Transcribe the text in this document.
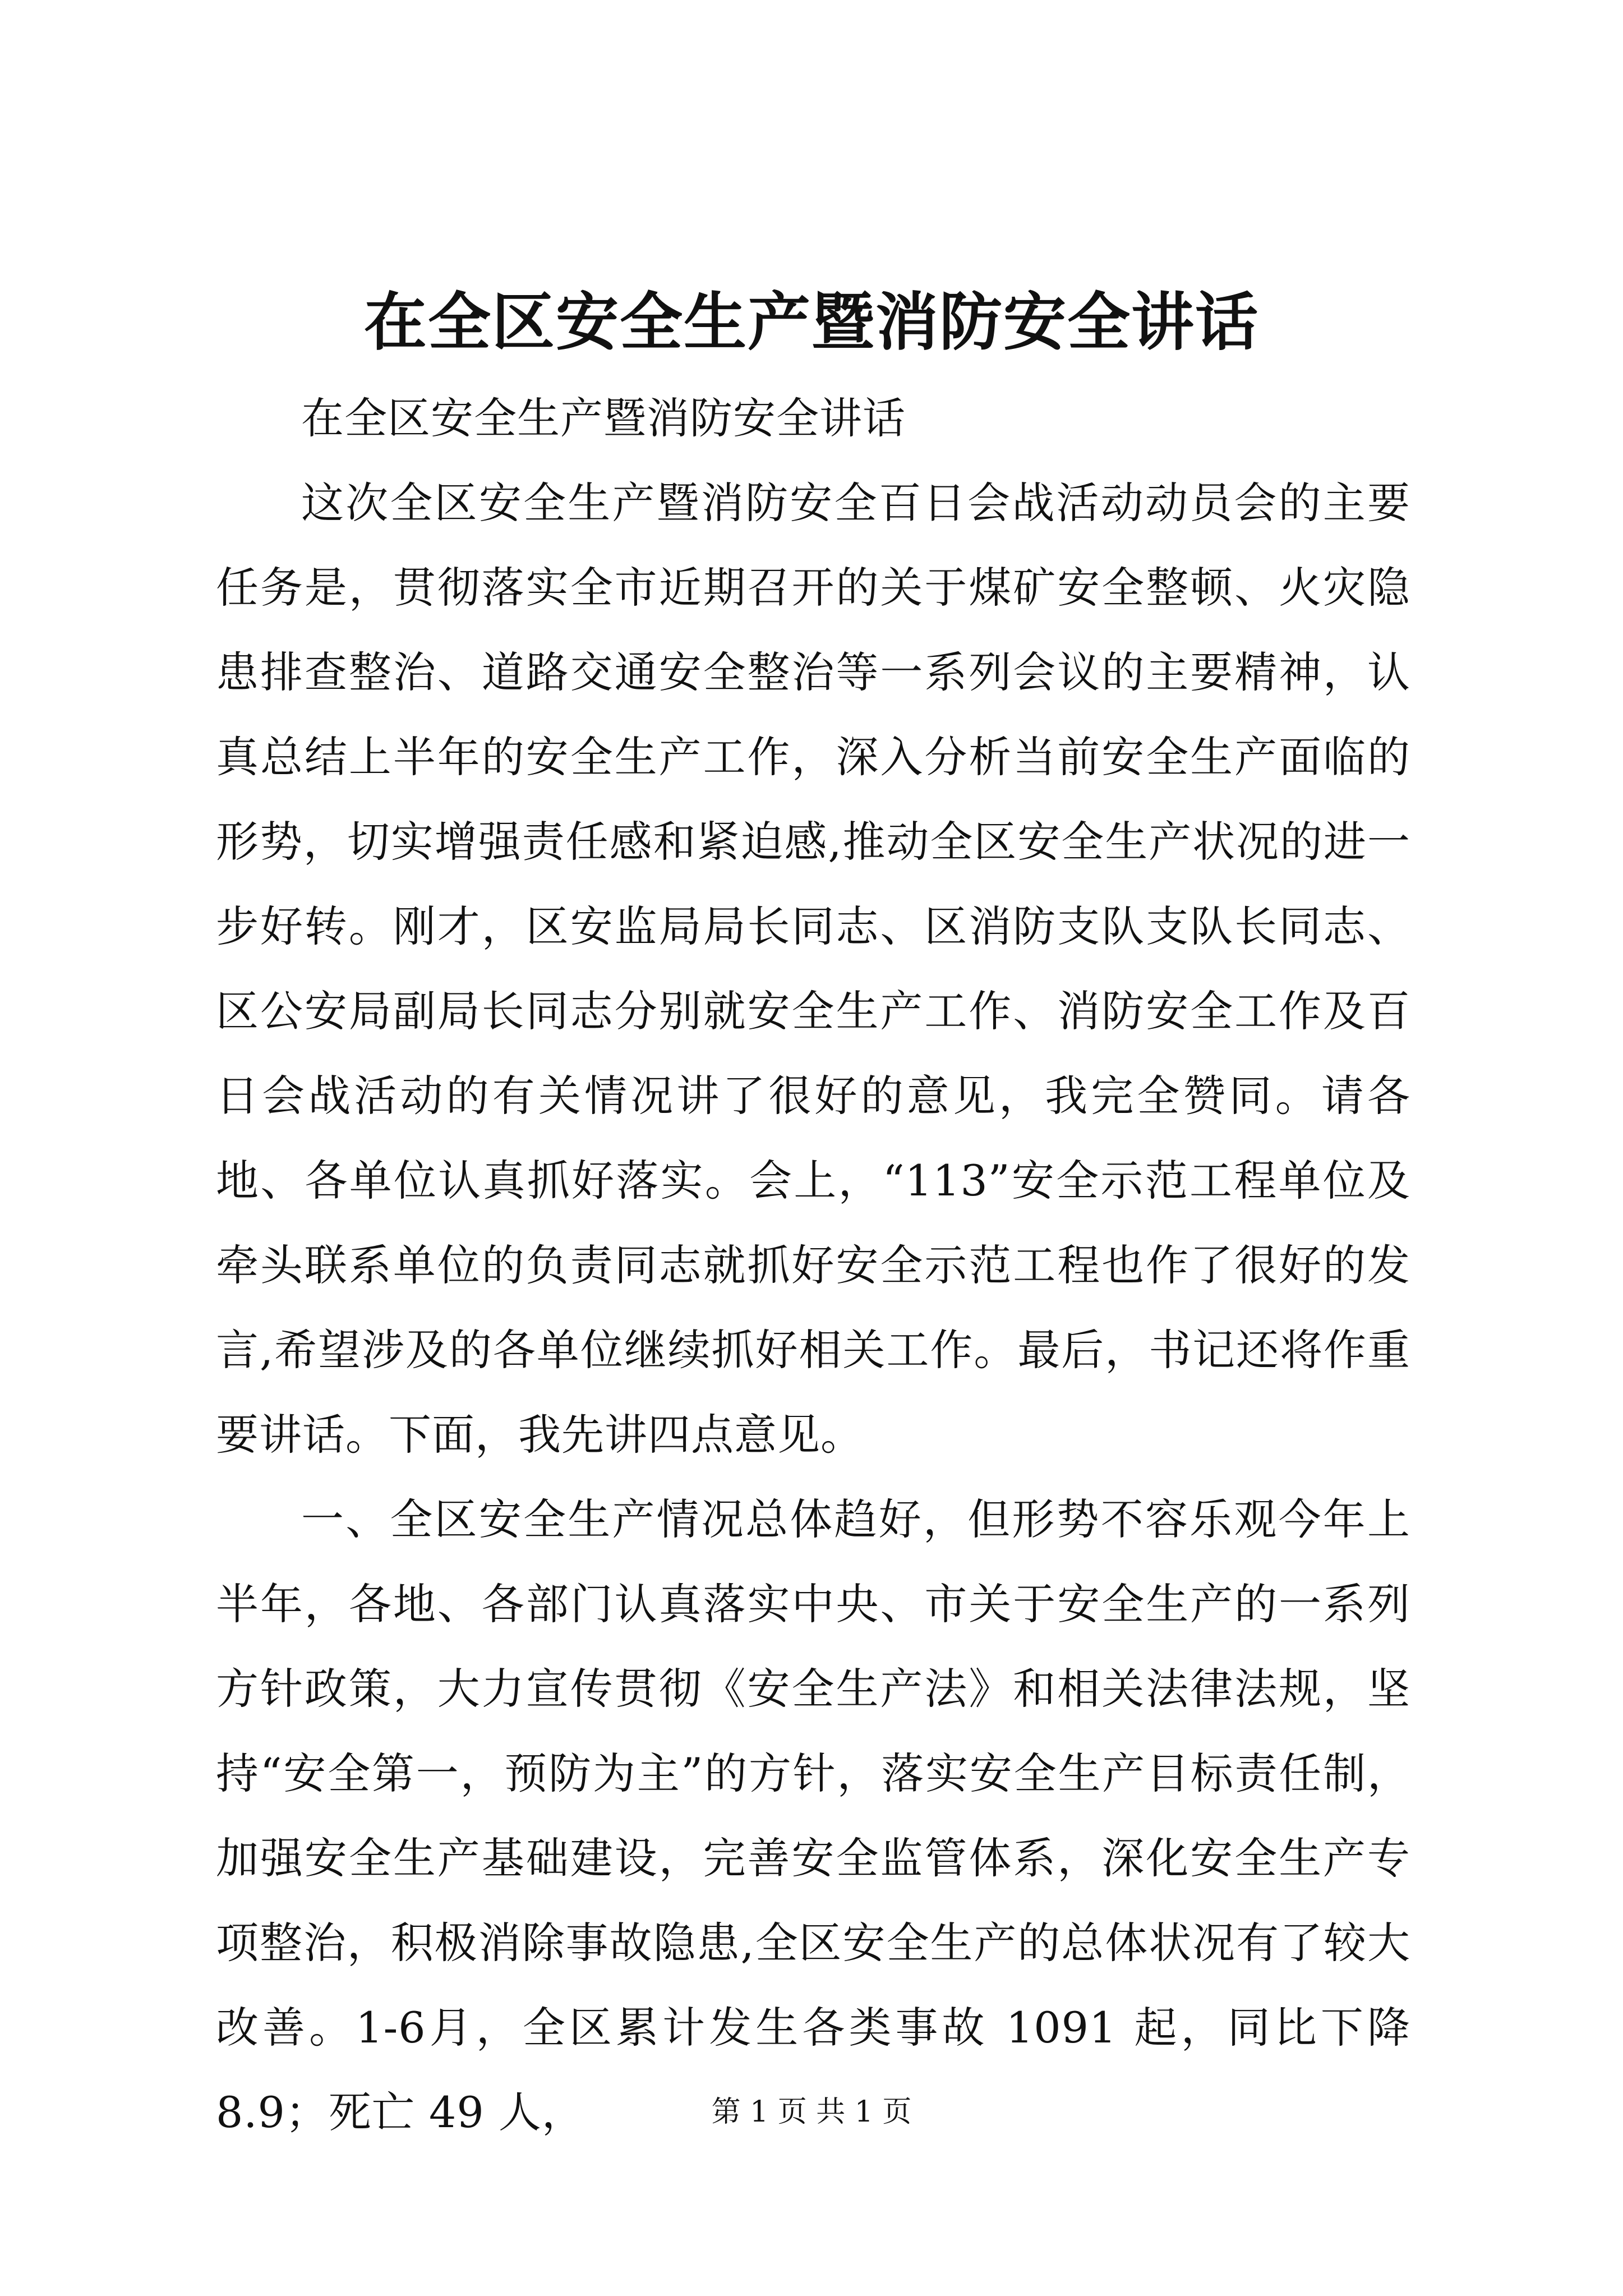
在全区安全生产暨消防安全讲话

在全区安全生产暨消防安全讲话

这次全区安全生产暨消防安全百日会战活动动员会的主要任务是，贯彻落实全市近期召开的关于煤矿安全整顿、火灾隐患排查整治、道路交通安全整治等一系列会议的主要精神，认真总结上半年的安全生产工作，深入分析当前安全生产面临的形势，切实增强责任感和紧迫感,推动全区安全生产状况的进一步好转。刚才，区安监局局长同志、区消防支队支队长同志、区公安局副局长同志分别就安全生产工作、消防安全工作及百日会战活动的有关情况讲了很好的意见，我完全赞同。请各地、各单位认真抓好落实。会上，“113”安全示范工程单位及牵头联系单位的负责同志就抓好安全示范工程也作了很好的发言,希望涉及的各单位继续抓好相关工作。最后，书记还将作重要讲话。下面，我先讲四点意见。

一、全区安全生产情况总体趋好，但形势不容乐观今年上半年，各地、各部门认真落实中央、市关于安全生产的一系列方针政策，大力宣传贯彻《安全生产法》和相关法律法规，坚持“安全第一，预防为主”的方针，落实安全生产目标责任制，加强安全生产基础建设，完善安全监管体系，深化安全生产专项整治，积极消除事故隐患,全区安全生产的总体状况有了较大改善。1-6月，全区累计发生各类事故 1091 起，同比下降 8.9；死亡 49 人，	第 1 页 共 1 页
